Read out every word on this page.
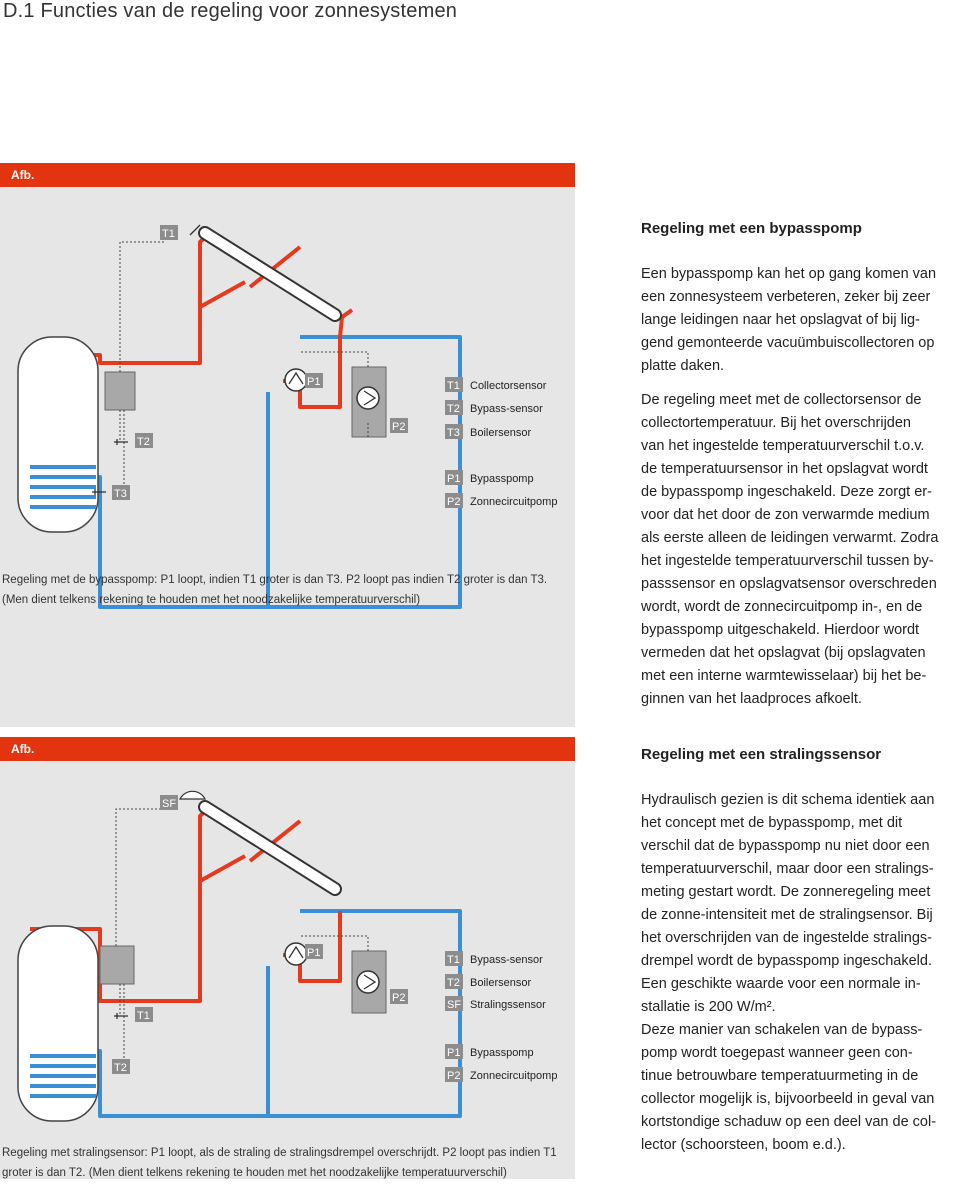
D.1 Functies van de regeling voor zonnesystemen
Afb.
T1
T2
T3
P1
P2
T1 Collectorsensor
T2 Bypass-sensor
T3 Boilersensor
P1 Bypasspomp
P2 Zonnecircuitpomp
Regeling met de bypasspomp: P1 loopt, indien T1 groter is dan T3. P2 loopt pas indien T2 groter is dan T3.
(Men dient telkens rekening te houden met het noodzakelijke temperatuurverschil)
Afb.
SF
T1
T2
P1
P2
T1 Bypass-sensor
T2 Boilersensor
SF Stralingssensor
P1 Bypasspomp
P2 Zonnecircuitpomp
Regeling met stralingsensor: P1 loopt, als de straling de stralingsdrempel overschrijdt. P2 loopt pas indien T1
groter is dan T2. (Men dient telkens rekening te houden met het noodzakelijke temperatuurverschil)
Regeling met een bypasspomp

Een bypasspomp kan het op gang komen van

een zonnesysteem verbeteren, zeker bij zeer

lange leidingen naar het opslagvat of bij lig-

gend gemonteerde vacuümbuiscollectoren op

platte daken.

De regeling meet met de collectorsensor de

collectortemperatuur. Bij het overschrijden

van het ingestelde temperatuurverschil t.o.v.

de temperatuursensor in het opslagvat wordt

de bypasspomp ingeschakeld. Deze zorgt er-

voor dat het door de zon verwarmde medium

als eerste alleen de leidingen verwarmt. Zodra

het ingestelde temperatuurverschil tussen by-

passsensor en opslagvatsensor overschreden

wordt, wordt de zonnecircuitpomp in-, en de

bypasspomp uitgeschakeld. Hierdoor wordt

vermeden dat het opslagvat (bij opslagvaten

met een interne warmtewisselaar) bij het be-

ginnen van het laadproces afkoelt.

Regeling met een stralingssensor

Hydraulisch gezien is dit schema identiek aan

het concept met de bypasspomp, met dit

verschil dat de bypasspomp nu niet door een

temperatuurverschil, maar door een stralings-

meting gestart wordt. De zonneregeling meet

de zonne-intensiteit met de stralingsensor. Bij

het overschrijden van de ingestelde stralings-

drempel wordt de bypasspomp ingeschakeld.

Een geschikte waarde voor een normale in-

stallatie is 200 W/m².

Deze manier van schakelen van de bypass-

pomp wordt toegepast wanneer geen con-

tinue betrouwbare temperatuurmeting in de

collector mogelijk is, bijvoorbeeld in geval van

kortstondige schaduw op een deel van de col-

lector (schoorsteen, boom e.d.).
